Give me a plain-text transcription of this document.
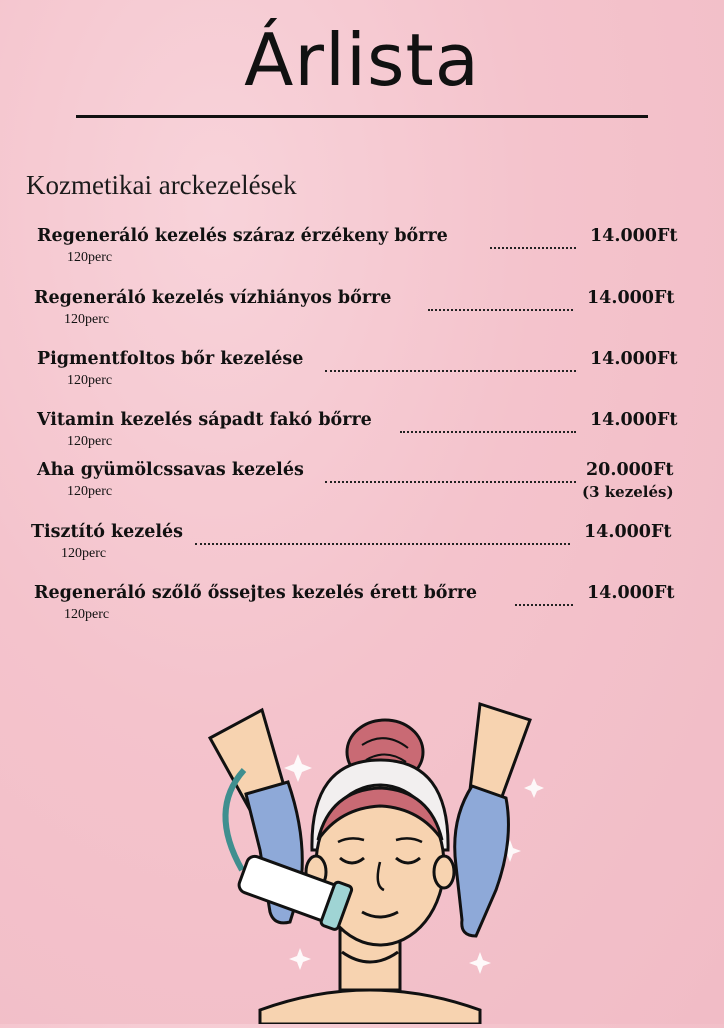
Árlista
Kozmetikai arckezelések
Regeneráló kezelés száraz érzékeny bőrre	14.000Ft
120perc
Regeneráló kezelés vízhiányos bőrre	14.000Ft
120perc
Pigmentfoltos bőr kezelése	14.000Ft
120perc
Vitamin kezelés sápadt fakó bőrre	14.000Ft
120perc
Aha gyümölcssavas kezelés	20.000Ft
120perc	(3 kezelés)
Tisztító kezelés	14.000Ft
120perc
Regeneráló szőlő őssejtes kezelés érett bőrre	14.000Ft
120perc
